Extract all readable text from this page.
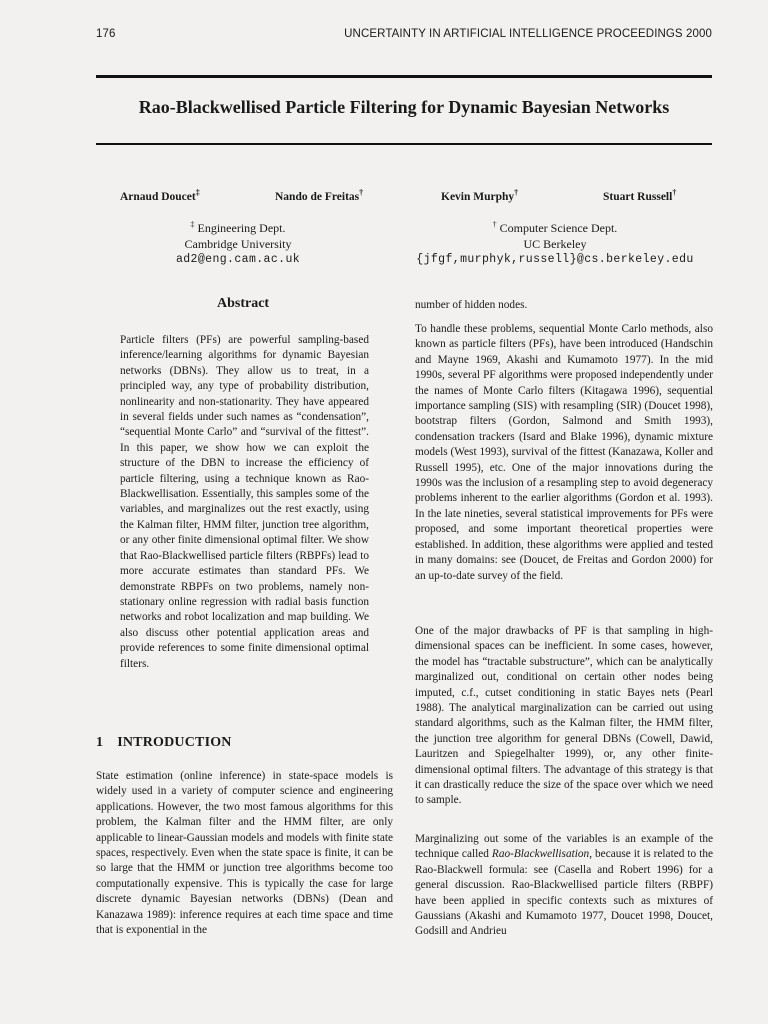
176	UNCERTAINTY IN ARTIFICIAL INTELLIGENCE PROCEEDINGS 2000
Rao-Blackwellised Particle Filtering for Dynamic Bayesian Networks
Arnaud Doucet‡	Nando de Freitas†	Kevin Murphy†	Stuart Russell†
‡ Engineering Dept.
Cambridge University
ad2@eng.cam.ac.uk
† Computer Science Dept.
UC Berkeley
{jfgf,murphyk,russell}@cs.berkeley.edu
Abstract

Particle filters (PFs) are powerful sampling-based inference/learning algorithms for dynamic Bayesian networks (DBNs). They allow us to treat, in a principled way, any type of probability distribution, nonlinearity and non-stationarity. They have appeared in several fields under such names as “condensation”, “sequential Monte Carlo” and “survival of the fittest”. In this paper, we show how we can exploit the structure of the DBN to increase the efficiency of particle filtering, using a technique known as Rao-Blackwellisation. Essentially, this samples some of the variables, and marginalizes out the rest exactly, using the Kalman filter, HMM filter, junction tree algorithm, or any other finite dimensional optimal filter. We show that Rao-Blackwellised particle filters (RBPFs) lead to more accurate estimates than standard PFs. We demonstrate RBPFs on two problems, namely non-stationary online regression with radial basis function networks and robot localization and map building. We also discuss other potential application areas and provide references to some finite dimensional optimal filters.

1 INTRODUCTION

State estimation (online inference) in state-space models is widely used in a variety of computer science and engineering applications. However, the two most famous algorithms for this problem, the Kalman filter and the HMM filter, are only applicable to linear-Gaussian models and models with finite state spaces, respectively. Even when the state space is finite, it can be so large that the HMM or junction tree algorithms become too computationally expensive. This is typically the case for large discrete dynamic Bayesian networks (DBNs) (Dean and Kanazawa 1989): inference requires at each time space and time that is exponential in the

number of hidden nodes.

To handle these problems, sequential Monte Carlo methods, also known as particle filters (PFs), have been introduced (Handschin and Mayne 1969, Akashi and Kumamoto 1977). In the mid 1990s, several PF algorithms were proposed independently under the names of Monte Carlo filters (Kitagawa 1996), sequential importance sampling (SIS) with resampling (SIR) (Doucet 1998), bootstrap filters (Gordon, Salmond and Smith 1993), condensation trackers (Isard and Blake 1996), dynamic mixture models (West 1993), survival of the fittest (Kanazawa, Koller and Russell 1995), etc. One of the major innovations during the 1990s was the inclusion of a resampling step to avoid degeneracy problems inherent to the earlier algorithms (Gordon et al. 1993). In the late nineties, several statistical improvements for PFs were proposed, and some important theoretical properties were established. In addition, these algorithms were applied and tested in many domains: see (Doucet, de Freitas and Gordon 2000) for an up-to-date survey of the field.

One of the major drawbacks of PF is that sampling in high-dimensional spaces can be inefficient. In some cases, however, the model has “tractable substructure”, which can be analytically marginalized out, conditional on certain other nodes being imputed, c.f., cutset conditioning in static Bayes nets (Pearl 1988). The analytical marginalization can be carried out using standard algorithms, such as the Kalman filter, the HMM filter, the junction tree algorithm for general DBNs (Cowell, Dawid, Lauritzen and Spiegelhalter 1999), or, any other finite-dimensional optimal filters. The advantage of this strategy is that it can drastically reduce the size of the space over which we need to sample.

Marginalizing out some of the variables is an example of the technique called Rao-Blackwellisation, because it is related to the Rao-Blackwell formula: see (Casella and Robert 1996) for a general discussion. Rao-Blackwellised particle filters (RBPF) have been applied in specific contexts such as mixtures of Gaussians (Akashi and Kumamoto 1977, Doucet 1998, Doucet, Godsill and Andrieu
